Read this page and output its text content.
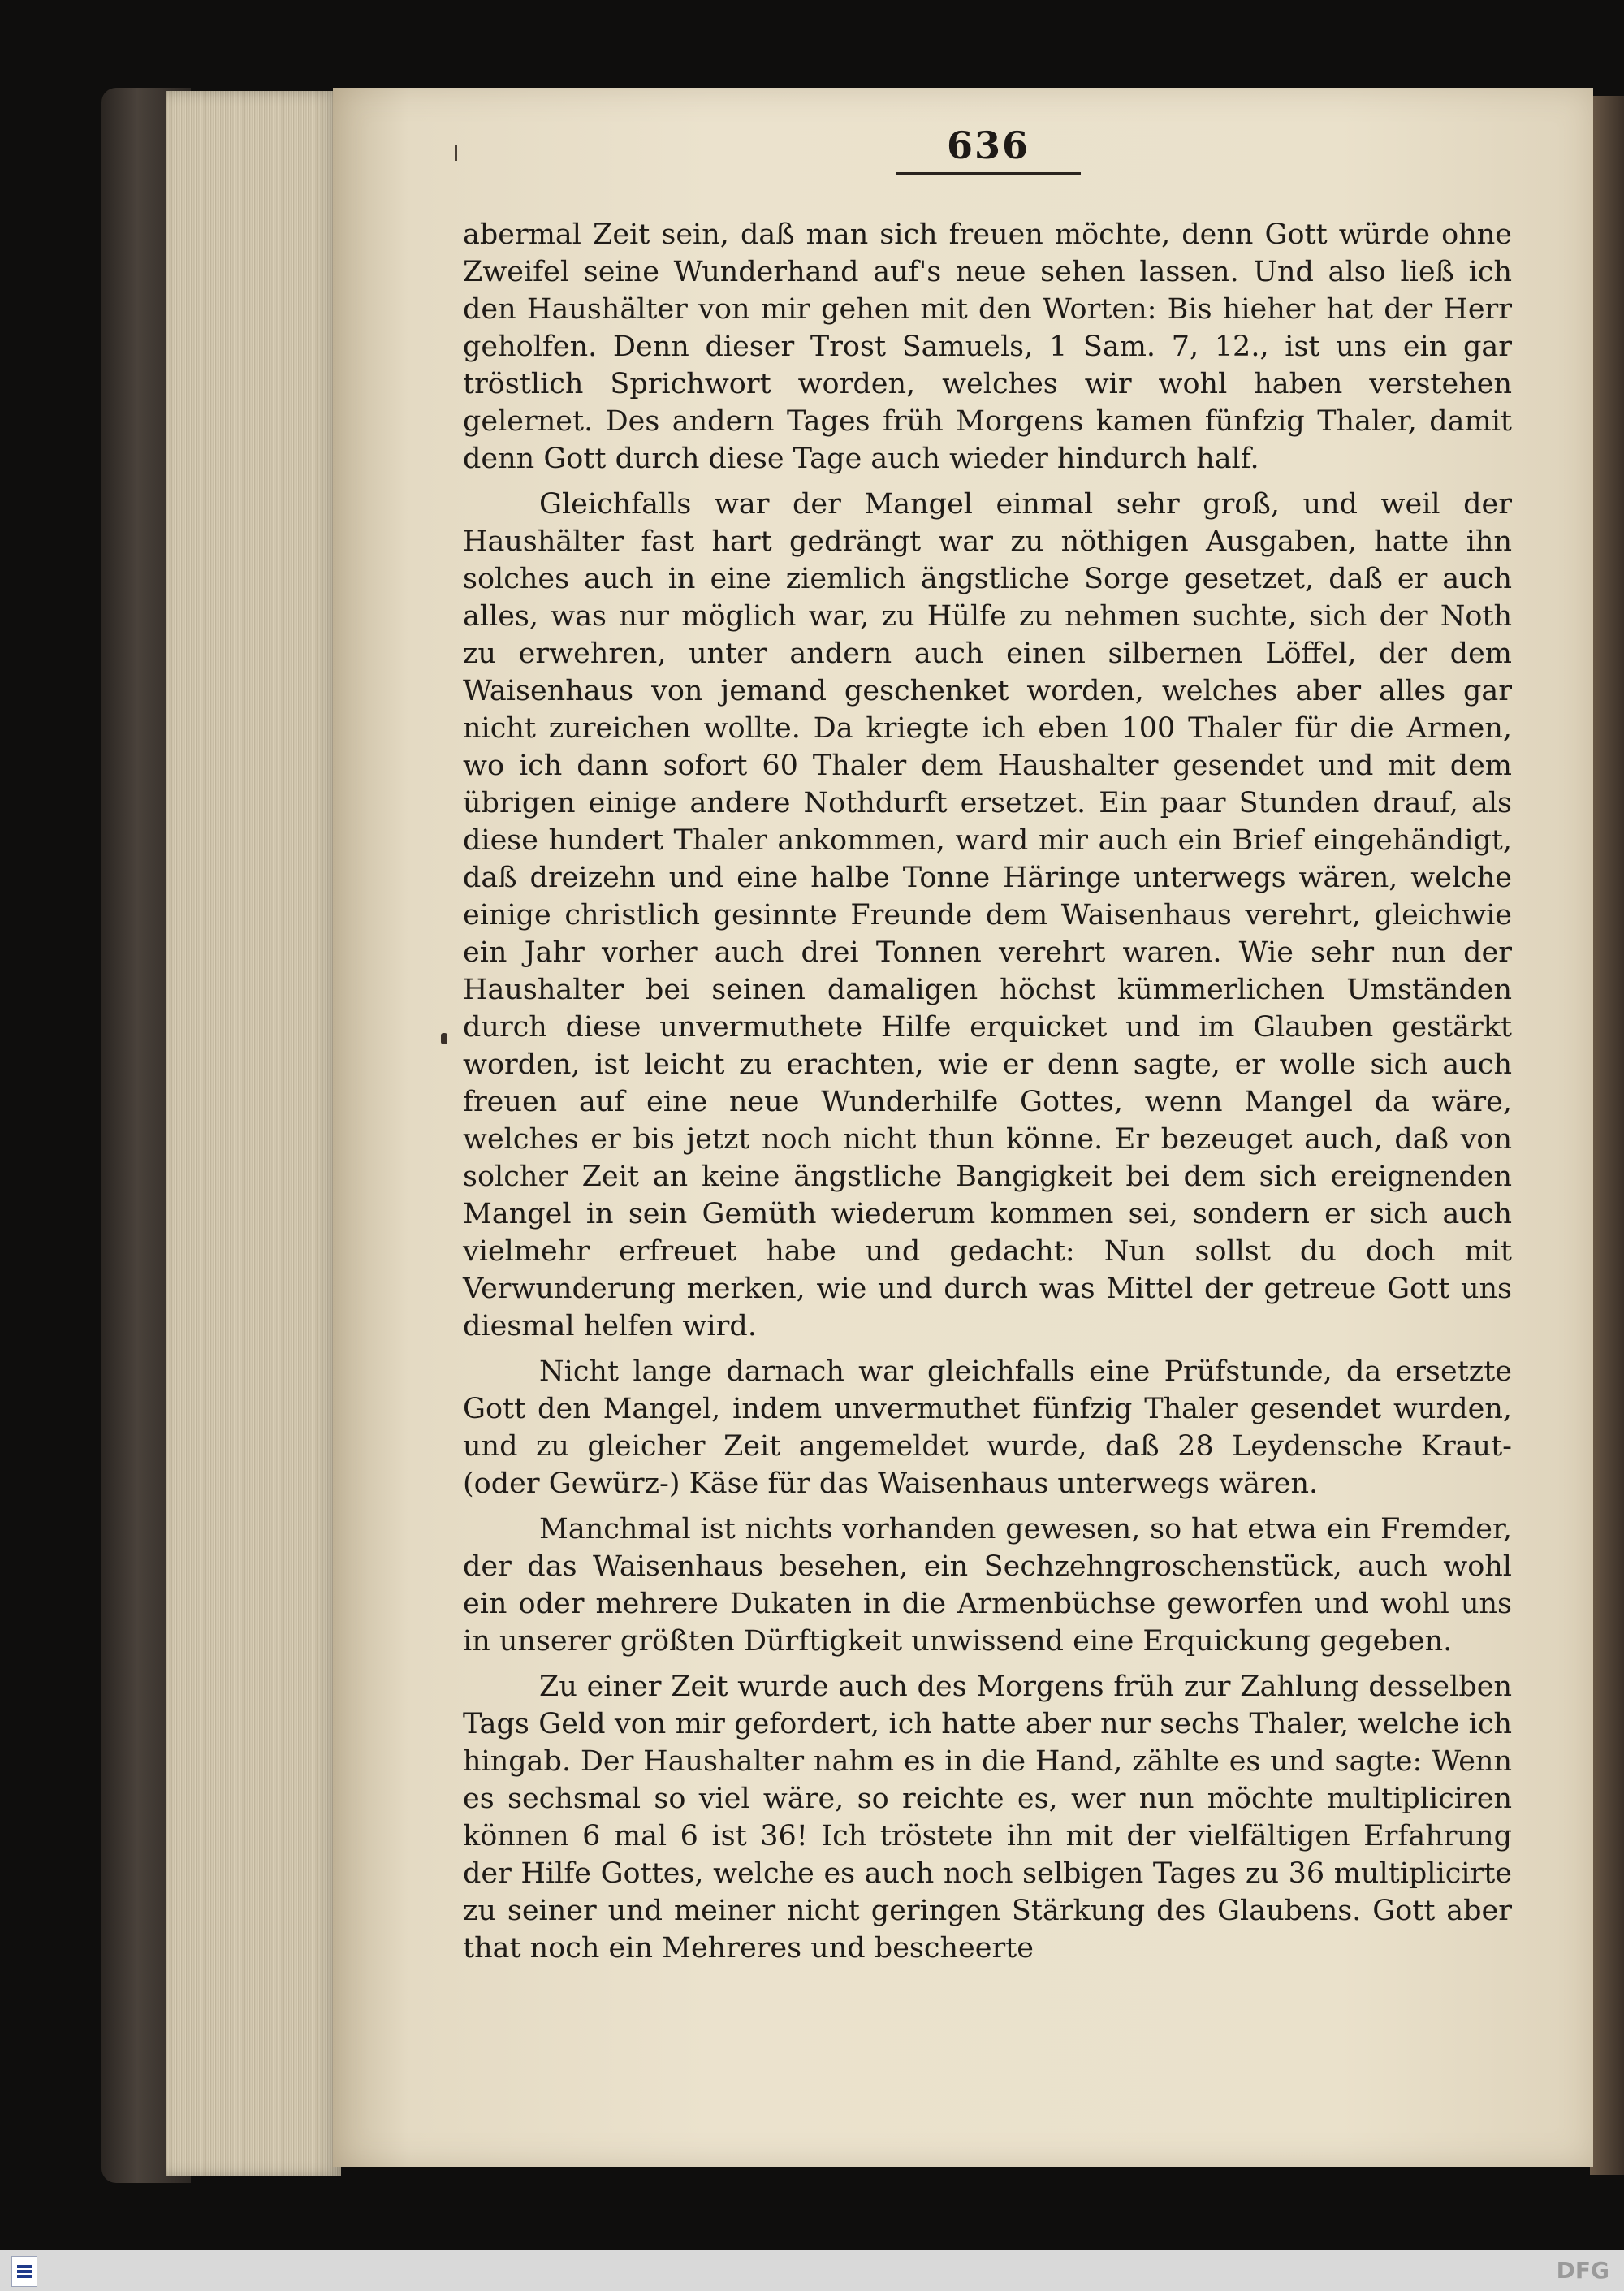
636

abermal Zeit sein, daß man sich freuen möchte, denn Gott würde ohne Zweifel seine Wunderhand auf's neue sehen lassen. Und also ließ ich den Haushälter von mir gehen mit den Worten: Bis hieher hat der Herr geholfen. Denn dieser Trost Samuels, 1 Sam. 7, 12., ist uns ein gar tröstlich Sprichwort worden, welches wir wohl haben verstehen gelernet. Des andern Tages früh Morgens kamen fünfzig Thaler, damit denn Gott durch diese Tage auch wieder hindurch half.

Gleichfalls war der Mangel einmal sehr groß, und weil der Haushälter fast hart gedrängt war zu nöthigen Ausgaben, hatte ihn solches auch in eine ziemlich ängstliche Sorge gesetzet, daß er auch alles, was nur möglich war, zu Hülfe zu nehmen suchte, sich der Noth zu erwehren, unter andern auch einen silbernen Löffel, der dem Waisenhaus von jemand geschenket worden, welches aber alles gar nicht zureichen wollte. Da kriegte ich eben 100 Thaler für die Armen, wo ich dann sofort 60 Thaler dem Haushalter gesendet und mit dem übrigen einige andere Nothdurft ersetzet. Ein paar Stunden drauf, als diese hundert Thaler ankommen, ward mir auch ein Brief eingehändigt, daß dreizehn und eine halbe Tonne Häringe unterwegs wären, welche einige christlich gesinnte Freunde dem Waisenhaus verehrt, gleichwie ein Jahr vorher auch drei Tonnen verehrt waren. Wie sehr nun der Haushalter bei seinen damaligen höchst kümmerlichen Umständen durch diese unvermuthete Hilfe erquicket und im Glauben gestärkt worden, ist leicht zu erachten, wie er denn sagte, er wolle sich auch freuen auf eine neue Wunderhilfe Gottes, wenn Mangel da wäre, welches er bis jetzt noch nicht thun könne. Er bezeuget auch, daß von solcher Zeit an keine ängstliche Bangigkeit bei dem sich ereignenden Mangel in sein Gemüth wiederum kommen sei, sondern er sich auch vielmehr erfreuet habe und gedacht: Nun sollst du doch mit Verwunderung merken, wie und durch was Mittel der getreue Gott uns diesmal helfen wird.

Nicht lange darnach war gleichfalls eine Prüfstunde, da ersetzte Gott den Mangel, indem unvermuthet fünfzig Thaler gesendet wurden, und zu gleicher Zeit angemeldet wurde, daß 28 Leydensche Kraut- (oder Gewürz-) Käse für das Waisenhaus unterwegs wären.

Manchmal ist nichts vorhanden gewesen, so hat etwa ein Fremder, der das Waisenhaus besehen, ein Sechzehngroschenstück, auch wohl ein oder mehrere Dukaten in die Armenbüchse geworfen und wohl uns in unserer größten Dürftigkeit unwissend eine Erquickung gegeben.

Zu einer Zeit wurde auch des Morgens früh zur Zahlung desselben Tags Geld von mir gefordert, ich hatte aber nur sechs Thaler, welche ich hingab. Der Haushalter nahm es in die Hand, zählte es und sagte: Wenn es sechsmal so viel wäre, so reichte es, wer nun möchte multipliciren können 6 mal 6 ist 36! Ich tröstete ihn mit der vielfältigen Erfahrung der Hilfe Gottes, welche es auch noch selbigen Tages zu 36 multiplicirte zu seiner und meiner nicht geringen Stärkung des Glaubens. Gott aber that noch ein Mehreres und bescheerte

DFG
